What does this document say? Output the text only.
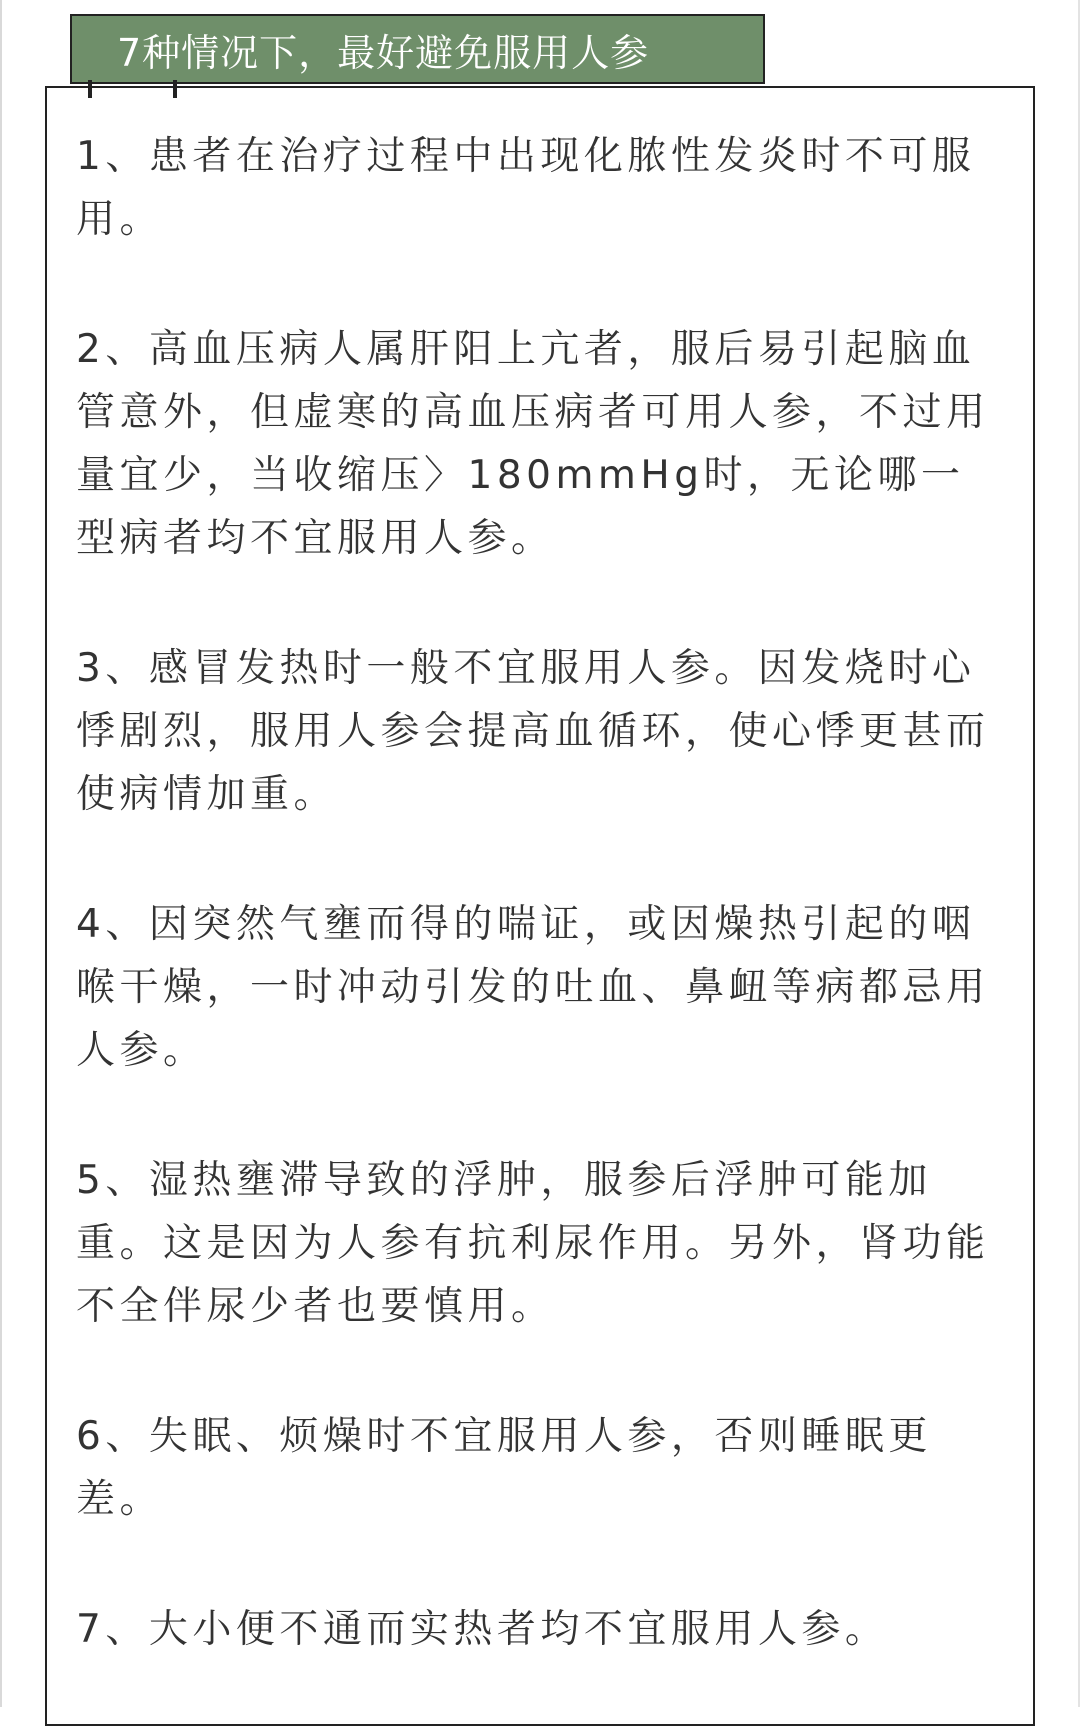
7种情况下，最好避免服用人参

1、患者在治疗过程中出现化脓性发炎时不可服用。

2、高血压病人属肝阳上亢者，服后易引起脑血管意外，但虚寒的高血压病者可用人参，不过用量宜少，当收缩压〉180mmHg时，无论哪一型病者均不宜服用人参。

3、感冒发热时一般不宜服用人参。因发烧时心悸剧烈，服用人参会提高血循环，使心悸更甚而使病情加重。

4、因突然气壅而得的喘证，或因燥热引起的咽喉干燥，一时冲动引发的吐血、鼻衄等病都忌用人参。

5、湿热壅滞导致的浮肿，服参后浮肿可能加重。这是因为人参有抗利尿作用。另外，肾功能不全伴尿少者也要慎用。

6、失眠、烦燥时不宜服用人参，否则睡眠更差。

7、大小便不通而实热者均不宜服用人参。
